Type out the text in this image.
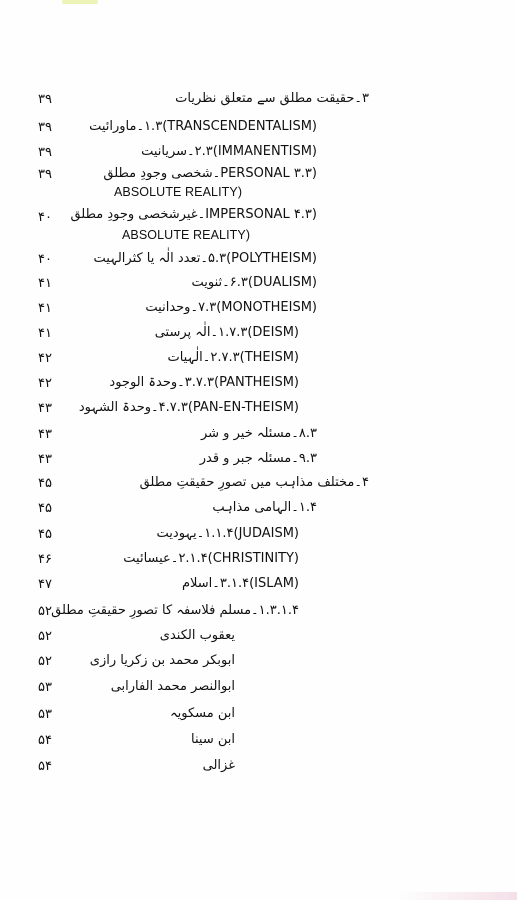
۳۹	۳۔حقیقت مطلق سے متعلق نظریات
۳۹	(TRANSCENDENTALISM)۱.۳۔ماورائیت
۳۹	(IMMANENTISM)۲.۳۔سریانیت
۳۹	(PERSONAL ۳.۳۔شخصی وجودِ مطلق
ABSOLUTE REALITY)
۴۰	(IMPERSONAL ۴.۳۔غیرشخصی وجودِ مطلق
ABSOLUTE REALITY)
۴۰	(POLYTHEISM)۵.۳۔تعدد الٰہ یا کثرالہیت
۴۱	(DUALISM)۶.۳۔ثنویت
۴۱	(MONOTHEISM)۷.۳۔وحدانیت
۴۱	(DEISM)۱.۷.۳۔الٰہ پرستی
۴۲	(THEISM)۲.۷.۳۔الٰہیات
۴۲	(PANTHEISM)۳.۷.۳۔وحدۃ الوجود
۴۳	(PAN-EN-THEISM)۴.۷.۳۔وحدۃ الشہود
۴۳	۸.۳۔مسئلہ خیر و شر
۴۳	۹.۳۔مسئلہ جبر و قدر
۴۵	۴۔مختلف مذاہب میں تصورِ حقیقتِ مطلق
۴۵	۱.۴۔الہامی مذاہب
۴۵	(JUDAISM)۱.۱.۴۔یہودیت
۴۶	(CHRISTINITY)۲.۱.۴۔عیسائیت
۴۷	(ISLAM)۳.۱.۴۔اسلام
۵۲ ۱.۳.۱.۴۔مسلم فلاسفہ کا تصورِ حقیقتِ مطلق
۵۲	یعقوب الکندی
۵۲	ابوبکر محمد بن زکریا رازی
۵۳	ابوالنصر محمد الفارابی
۵۳	ابن مسکویہ
۵۴	ابن سینا
۵۴	غزالی
